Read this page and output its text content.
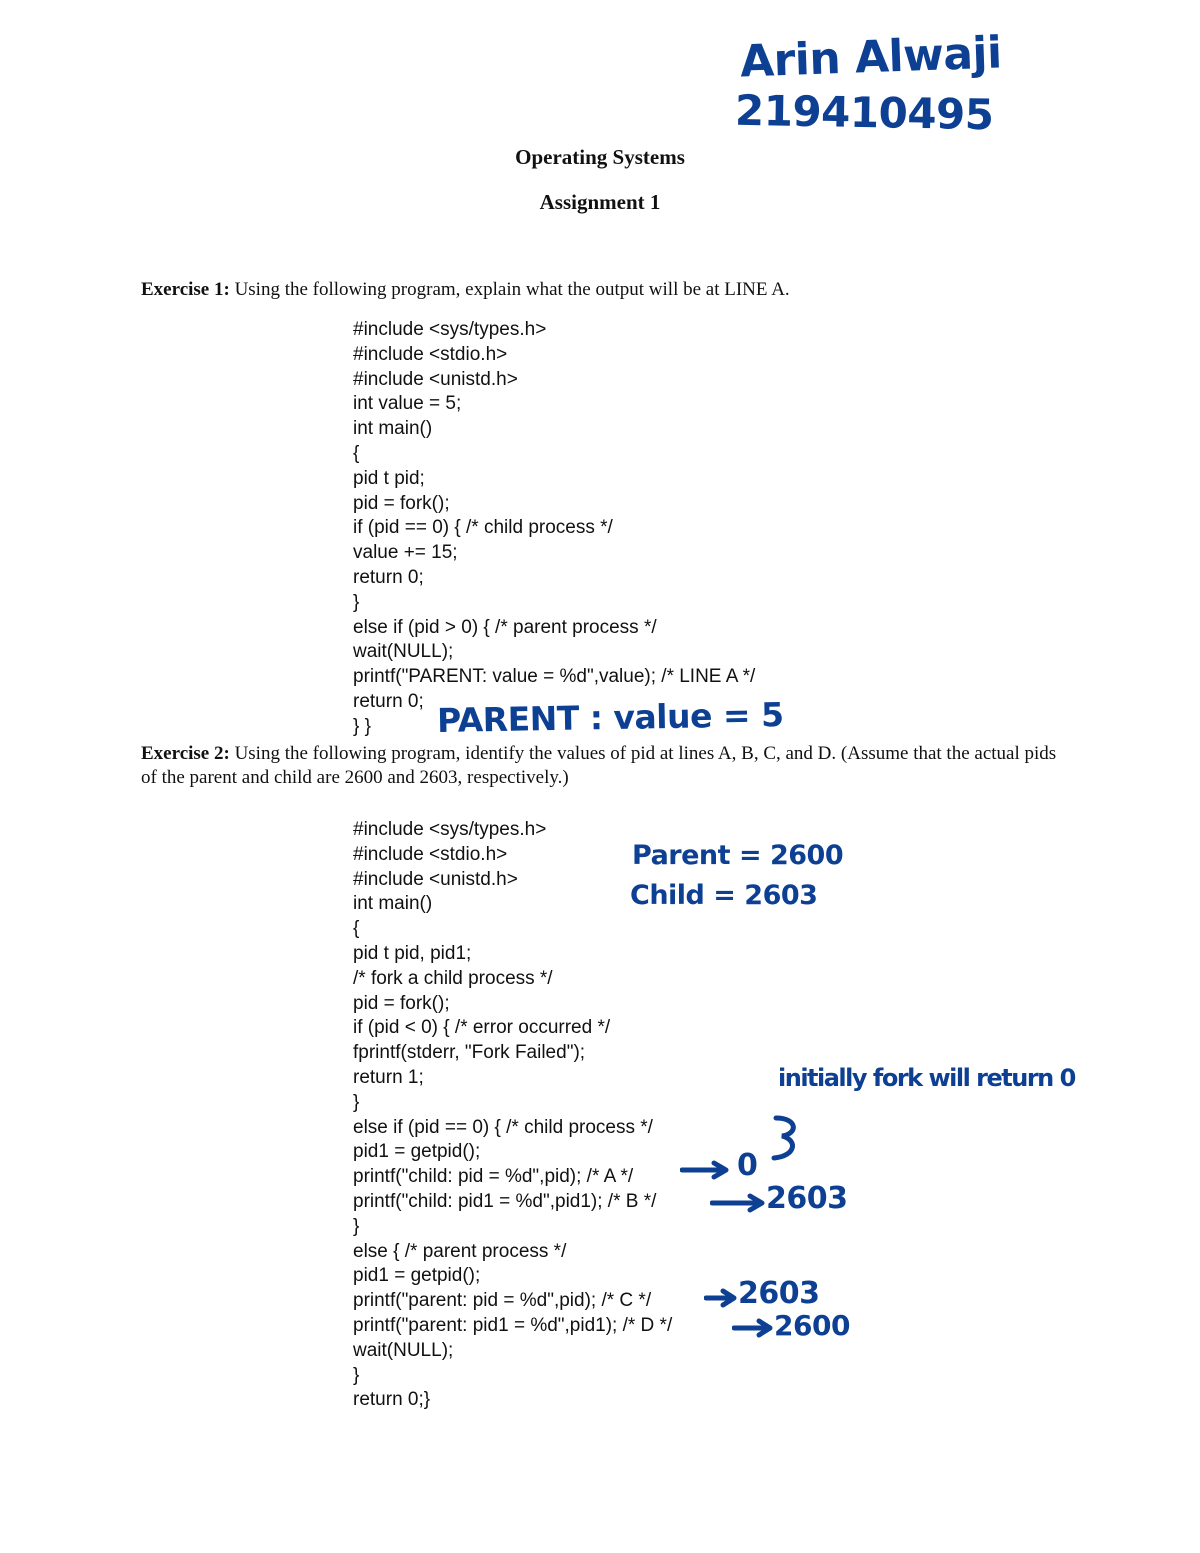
Arin Alwaji
219410495
Operating Systems
Assignment 1
Exercise 1: Using the following program, explain what the output will be at LINE A.
#include <sys/types.h>
#include <stdio.h>
#include <unistd.h>
int value = 5;
int main()
{
pid t pid;
pid = fork();
if (pid == 0) { /* child process */
value += 15;
return 0;
}
else if (pid > 0) { /* parent process */
wait(NULL);
printf("PARENT: value = %d",value); /* LINE A */
return 0;
} }	PARENT : value = 5
Exercise 2: Using the following program, identify the values of pid at lines A, B, C, and D. (Assume that the actual pids of the parent and child are 2600 and 2603, respectively.)
#include <sys/types.h>
#include <stdio.h>
#include <unistd.h>
int main()
{
pid t pid, pid1;
/* fork a child process */
pid = fork();
if (pid < 0) { /* error occurred */
fprintf(stderr, "Fork Failed");
return 1;
}
else if (pid == 0) { /* child process */
pid1 = getpid();
printf("child: pid = %d",pid); /* A */
printf("child: pid1 = %d",pid1); /* B */
}
else { /* parent process */
pid1 = getpid();
printf("parent: pid = %d",pid); /* C */
printf("parent: pid1 = %d",pid1); /* D */
wait(NULL);
}
return 0;}
Parent = 2600
Child = 2603
initially fork will return 0
0
2603
2603
2600
